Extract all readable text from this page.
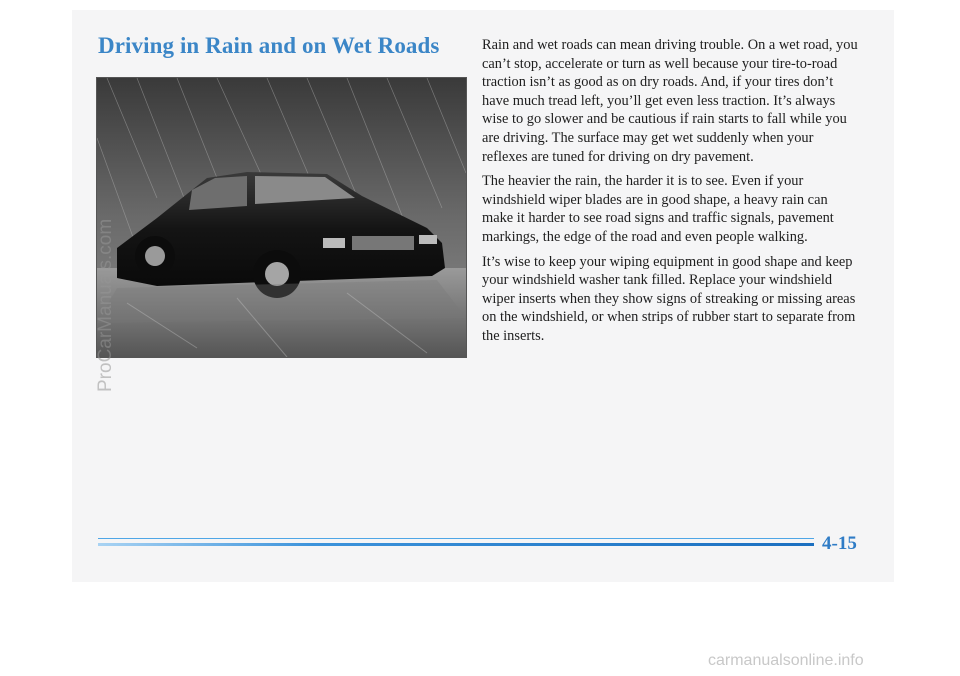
Driving in Rain and on Wet Roads	Rain and wet roads can mean driving trouble. On a wet road, you can’t stop, accelerate or turn as well because your tire-to-road traction isn’t as good as on dry roads. And, if your tires don’t have much tread left, you’ll get even less traction. It’s always wise to go slower and be cautious if rain starts to fall while you are driving. The surface may get wet suddenly when your reflexes are tuned for driving on dry pavement.

The heavier the rain, the harder it is to see. Even if your windshield wiper blades are in good shape, a heavy rain can make it harder to see road signs and traffic signals, pavement markings, the edge of the road and even people walking.

It’s wise to keep your wiping equipment in good shape and keep your windshield washer tank filled. Replace your windshield wiper inserts when they show signs of streaking or missing areas on the windshield, or when strips of rubber start to separate from the inserts.

4-15
ProCarManuals.com
carmanualsonline.info
